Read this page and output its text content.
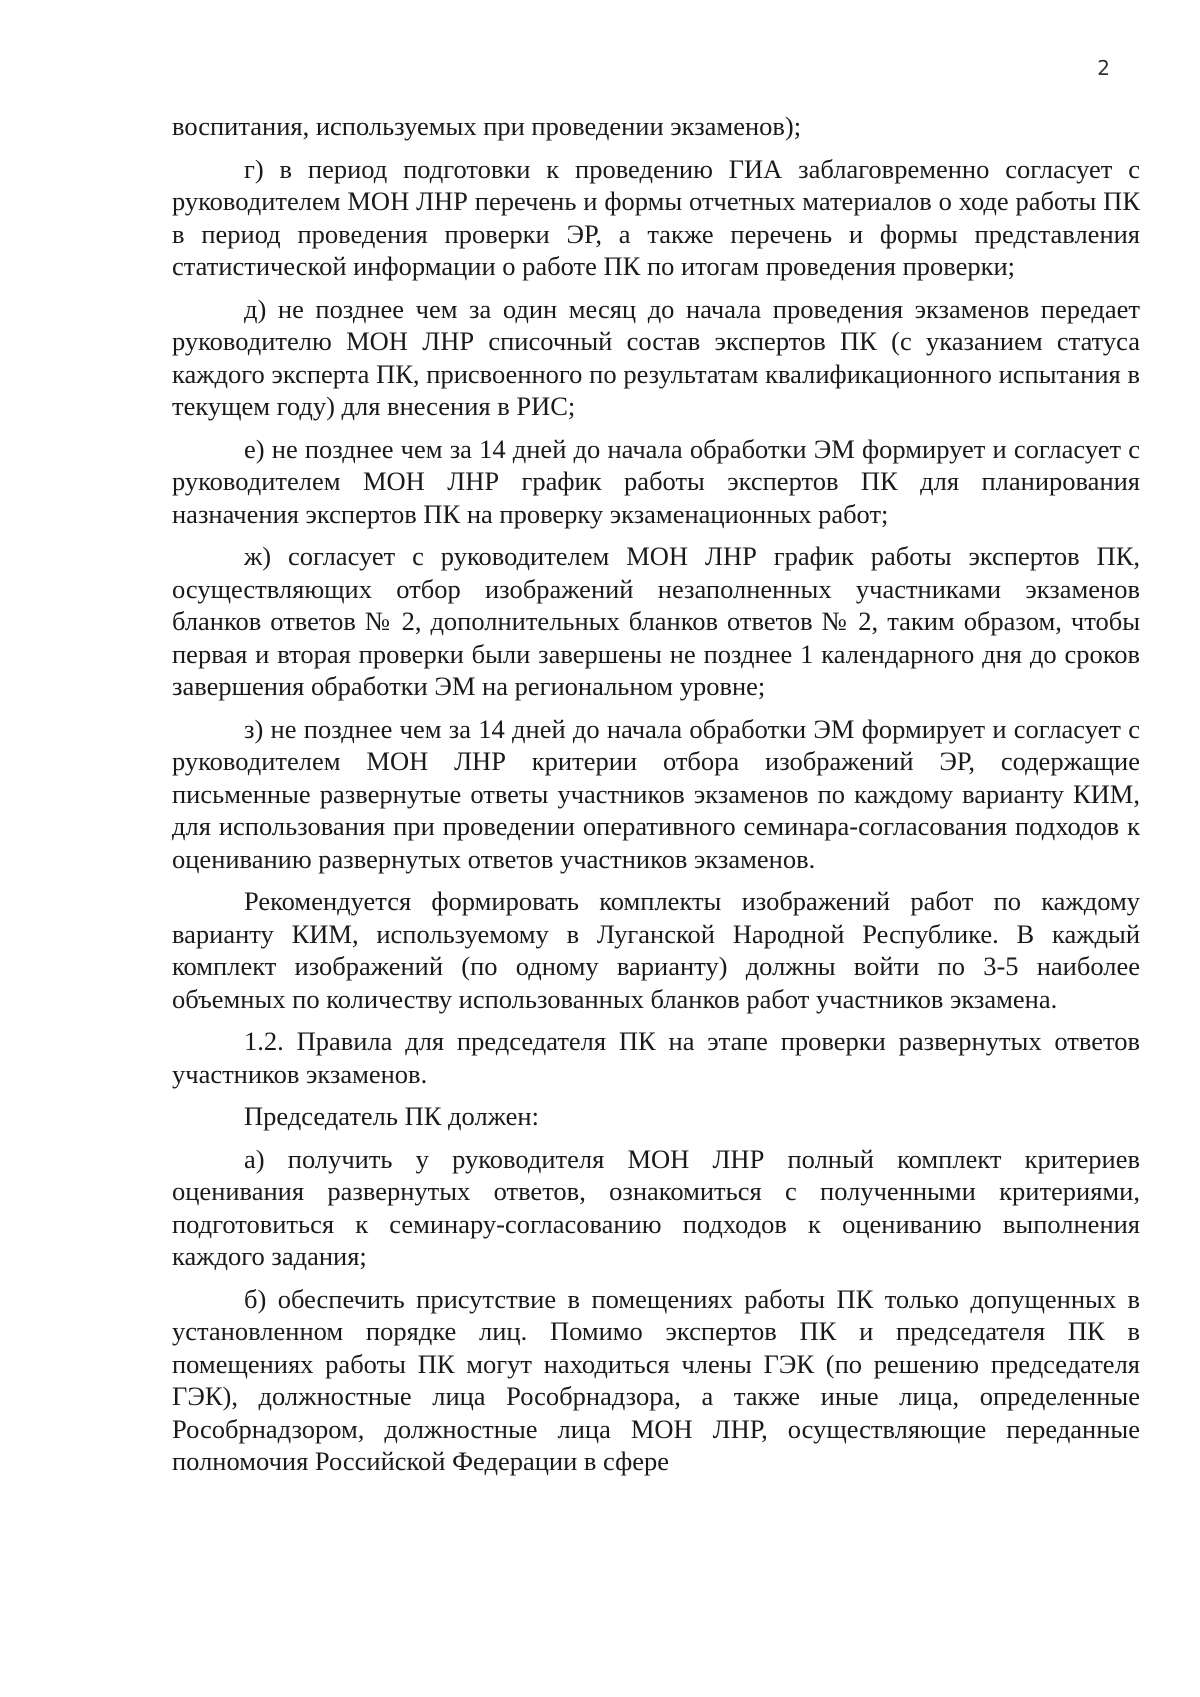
2

воспитания, используемых при проведении экзаменов);

г) в период подготовки к проведению ГИА заблаговременно согласует с руководителем МОН ЛНР перечень и формы отчетных материалов о ходе работы ПК в период проведения проверки ЭР, а также перечень и формы представления статистической информации о работе ПК по итогам проведения проверки;

д) не позднее чем за один месяц до начала проведения экзаменов передает руководителю МОН ЛНР списочный состав экспертов ПК (с указанием статуса каждого эксперта ПК, присвоенного по результатам квалификационного испытания в текущем году) для внесения в РИС;

е) не позднее чем за 14 дней до начала обработки ЭМ формирует и согласует с руководителем МОН ЛНР график работы экспертов ПК для планирования назначения экспертов ПК на проверку экзаменационных работ;

ж) согласует с руководителем МОН ЛНР график работы экспертов ПК, осуществляющих отбор изображений незаполненных участниками экзаменов бланков ответов № 2, дополнительных бланков ответов № 2, таким образом, чтобы первая и вторая проверки были завершены не позднее 1 календарного дня до сроков завершения обработки ЭМ на региональном уровне;

з) не позднее чем за 14 дней до начала обработки ЭМ формирует и согласует с руководителем МОН ЛНР критерии отбора изображений ЭР, содержащие письменные развернутые ответы участников экзаменов по каждому варианту КИМ, для использования при проведении оперативного семинара-согласования подходов к оцениванию развернутых ответов участников экзаменов.

Рекомендуется формировать комплекты изображений работ по каждому варианту КИМ, используемому в Луганской Народной Республике. В каждый комплект изображений (по одному варианту) должны войти по 3-5 наиболее объемных по количеству использованных бланков работ участников экзамена.

1.2. Правила для председателя ПК на этапе проверки развернутых ответов участников экзаменов.

Председатель ПК должен:

а) получить у руководителя МОН ЛНР полный комплект критериев оценивания развернутых ответов, ознакомиться с полученными критериями, подготовиться к семинару-согласованию подходов к оцениванию выполнения каждого задания;

б) обеспечить присутствие в помещениях работы ПК только допущенных в установленном порядке лиц. Помимо экспертов ПК и председателя ПК в помещениях работы ПК могут находиться члены ГЭК (по решению председателя ГЭК), должностные лица Рособрнадзора, а также иные лица, определенные Рособрнадзором, должностные лица МОН ЛНР, осуществляющие переданные полномочия Российской Федерации в сфере
